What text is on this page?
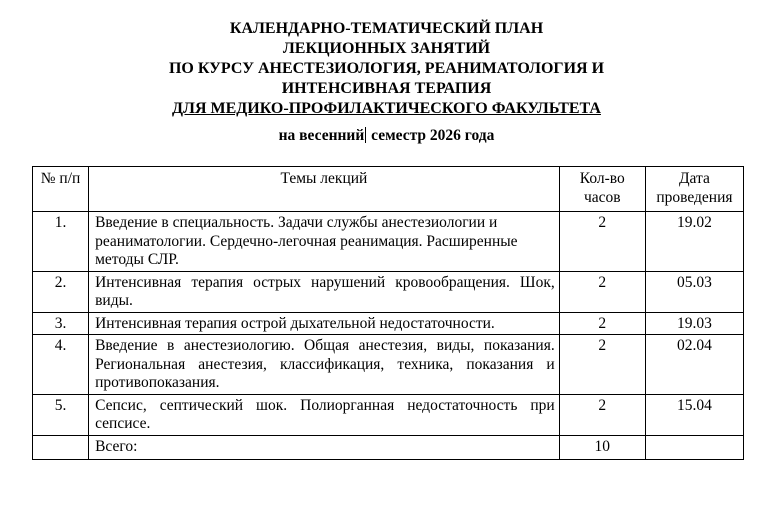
КАЛЕНДАРНО-ТЕМАТИЧЕСКИЙ ПЛАН
ЛЕКЦИОННЫХ ЗАНЯТИЙ
ПО КУРСУ АНЕСТЕЗИОЛОГИЯ, РЕАНИМАТОЛОГИЯ И
ИНТЕНСИВНАЯ ТЕРАПИЯ
ДЛЯ МЕДИКО-ПРОФИЛАКТИЧЕСКОГО ФАКУЛЬТЕТА
на весенний семестр 2026 года
№ п/п	Темы лекций	Кол-во часов	Дата проведения
1.	Введение в специальность. Задачи службы анестезиологии и реаниматологии. Сердечно-легочная реанимация. Расширенные методы СЛР.	2	19.02
2.	Интенсивная терапия острых нарушений кровообращения. Шок, виды.	2	05.03
3.	Интенсивная терапия острой дыхательной недостаточности.	2	19.03
4.	Введение в анестезиологию. Общая анестезия, виды, показания. Региональная анестезия, классификация, техника, показания и противопоказания.	2	02.04
5.	Сепсис, септический шок. Полиорганная недостаточность при сепсисе.	2	15.04
	Всего:	10	
